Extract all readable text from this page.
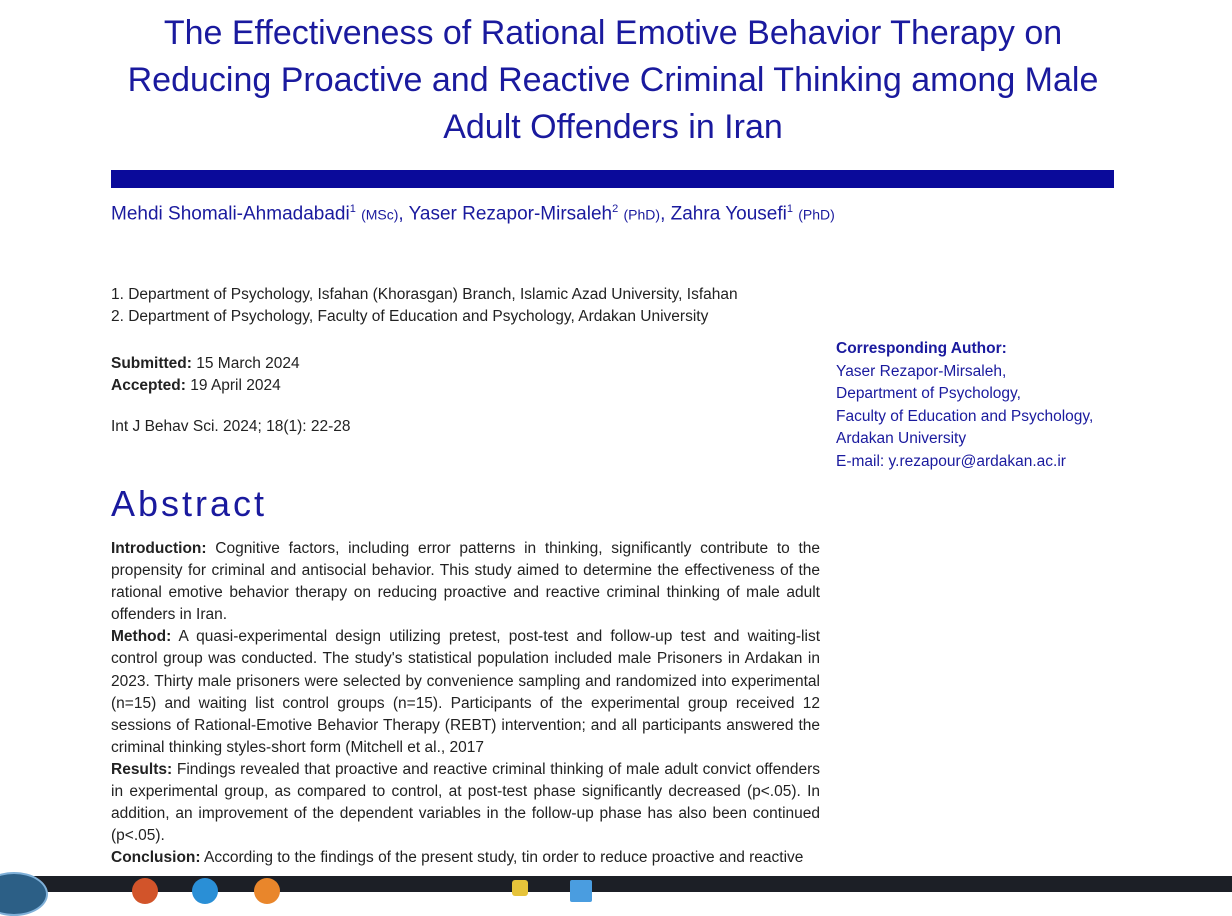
The Effectiveness of Rational Emotive Behavior Therapy on Reducing Proactive and Reactive Criminal Thinking among Male Adult Offenders in Iran
Mehdi Shomali-Ahmadabadi$^1$ (MSc), Yaser Rezapor-Mirsaleh$^2$ (PhD), Zahra Yousefi$^1$ (PhD)
1. Department of Psychology, Isfahan (Khorasgan) Branch, Islamic Azad University, Isfahan
2. Department of Psychology, Faculty of Education and Psychology, Ardakan University
Submitted: 15 March 2024
Accepted: 19 April 2024
Int J Behav Sci. 2024; 18(1): 22-28
Corresponding Author:
Yaser Rezapor-Mirsaleh,
Department of Psychology,
Faculty of Education and Psychology,
Ardakan University
E-mail: y.rezapour@ardakan.ac.ir
Abstract

Introduction: Cognitive factors, including error patterns in thinking, significantly contribute to the propensity for criminal and antisocial behavior. This study aimed to determine the effectiveness of the rational emotive behavior therapy on reducing proactive and reactive criminal thinking of male adult offenders in Iran.

Method: A quasi-experimental design utilizing pretest, post-test and follow-up test and waiting-list control group was conducted. The study's statistical population included male Prisoners in Ardakan in 2023. Thirty male prisoners were selected by convenience sampling and randomized into experimental (n=15) and waiting list control groups (n=15). Participants of the experimental group received 12 sessions of Rational-Emotive Behavior Therapy (REBT) intervention; and all participants answered the criminal thinking styles-short form (Mitchell et al., 2017

Results: Findings revealed that proactive and reactive criminal thinking of male adult convict offenders in experimental group, as compared to control, at post-test phase significantly decreased (p<.05). In addition, an improvement of the dependent variables in the follow-up phase has also been continued (p<.05).

Conclusion: According to the findings of the present study, tin order to reduce proactive and reactive
